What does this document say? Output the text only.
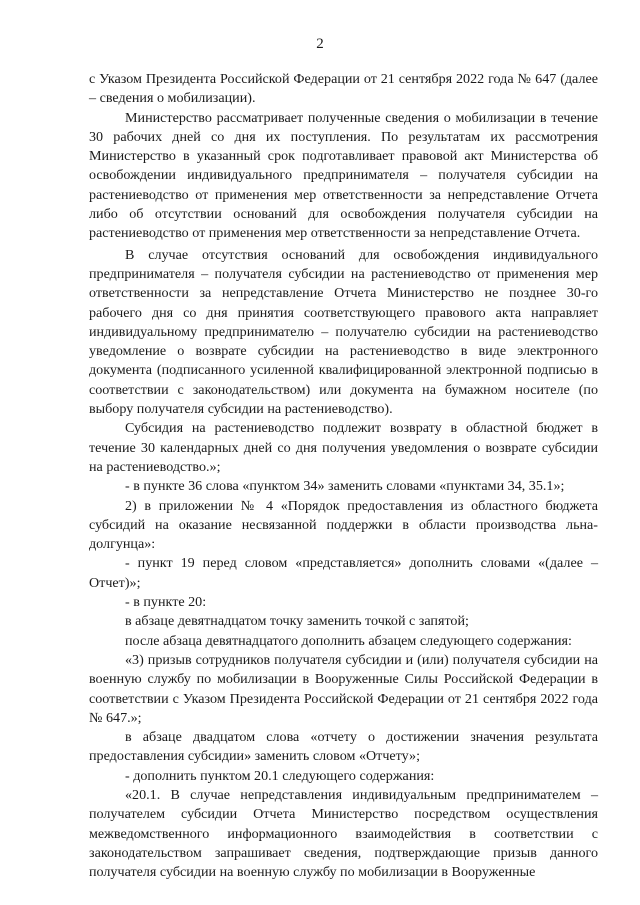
2

с Указом Президента Российской Федерации от 21 сентября 2022 года № 647 (далее – сведения о мобилизации).

Министерство рассматривает полученные сведения о мобилизации в течение 30 рабочих дней со дня их поступления. По результатам их рассмотрения Министерство в указанный срок подготавливает правовой акт Министерства об освобождении индивидуального предпринимателя – получателя субсидии на растениеводство от применения мер ответственности за непредставление Отчета либо об отсутствии оснований для освобождения получателя субсидии на растениеводство от применения мер ответственности за непредставление Отчета.

В случае отсутствия оснований для освобождения индивидуального предпринимателя – получателя субсидии на растениеводство от применения мер ответственности за непредставление Отчета Министерство не позднее 30-го рабочего дня со дня принятия соответствующего правового акта направляет индивидуальному предпринимателю – получателю субсидии на растениеводство уведомление о возврате субсидии на растениеводство в виде электронного документа (подписанного усиленной квалифицированной электронной подписью в соответствии с законодательством) или документа на бумажном носителе (по выбору получателя субсидии на растениеводство).

Субсидия на растениеводство подлежит возврату в областной бюджет в течение 30 календарных дней со дня получения уведомления о возврате субсидии на растениеводство.»;

- в пункте 36 слова «пунктом 34» заменить словами «пунктами 34, 35.1»;

2) в приложении № 4 «Порядок предоставления из областного бюджета субсидий на оказание несвязанной поддержки в области производства льна-долгунца»:

- пункт 19 перед словом «представляется» дополнить словами «(далее – Отчет)»;

- в пункте 20:

в абзаце девятнадцатом точку заменить точкой с запятой;

после абзаца девятнадцатого дополнить абзацем следующего содержания:

«3) призыв сотрудников получателя субсидии и (или) получателя субсидии на военную службу по мобилизации в Вооруженные Силы Российской Федерации в соответствии с Указом Президента Российской Федерации от 21 сентября 2022 года № 647.»;

в абзаце двадцатом слова «отчету о достижении значения результата предоставления субсидии» заменить словом «Отчету»;

- дополнить пунктом 20.1 следующего содержания:

«20.1. В случае непредставления индивидуальным предпринимателем – получателем субсидии Отчета Министерство посредством осуществления межведомственного информационного взаимодействия в соответствии с законодательством запрашивает сведения, подтверждающие призыв данного получателя субсидии на военную службу по мобилизации в Вооруженные
